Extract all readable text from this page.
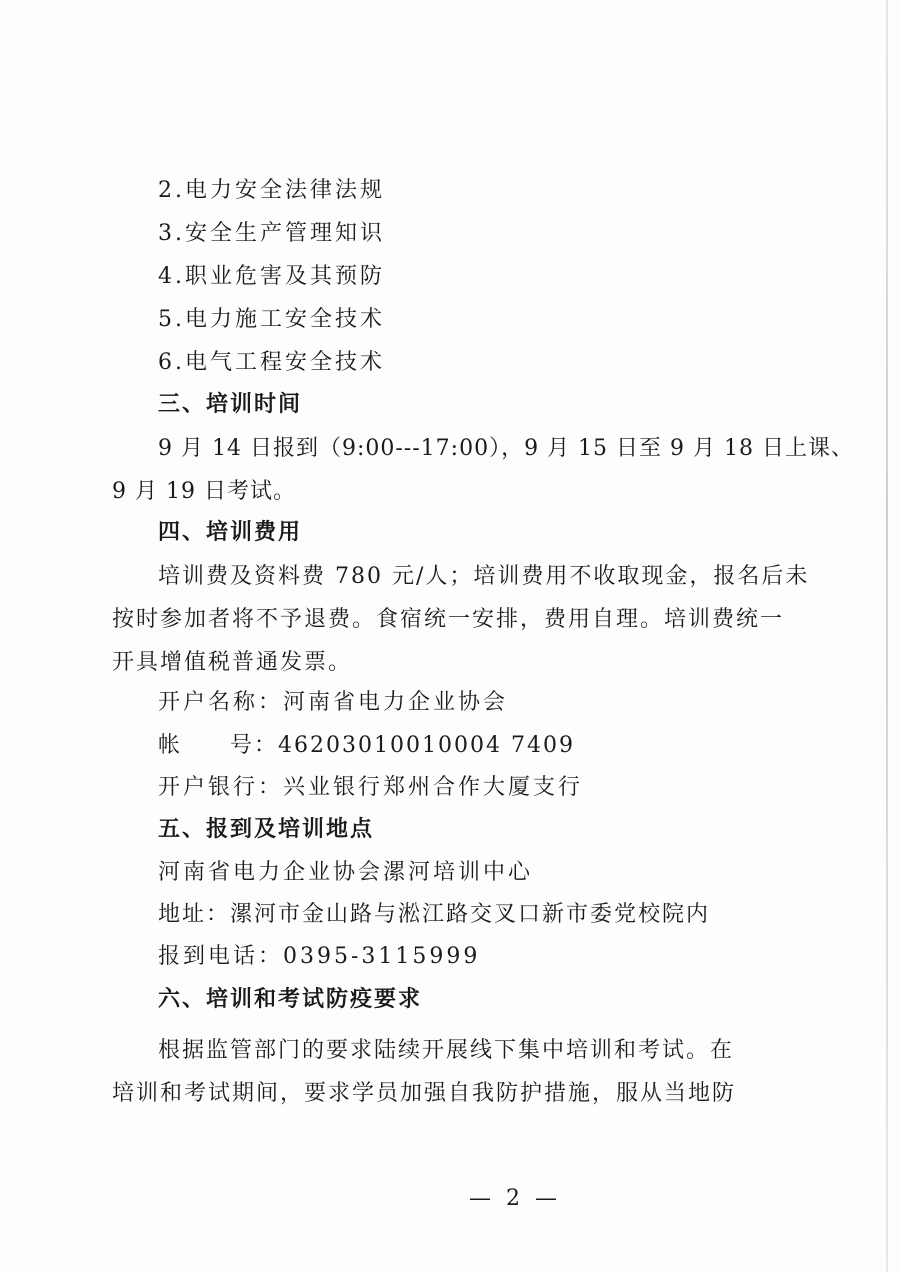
2.电力安全法律法规
3.安全生产管理知识
4.职业危害及其预防
5.电力施工安全技术
6.电气工程安全技术
三、培训时间
9 月 14 日报到（9:00---17:00），9 月 15 日至 9 月 18 日上课、
9 月 19 日考试。
四、培训费用
培训费及资料费 780 元/人；培训费用不收取现金，报名后未
按时参加者将不予退费。食宿统一安排，费用自理。培训费统一
开具增值税普通发票。
开户名称：河南省电力企业协会
帐　　号：46203010010004 7409
开户银行：兴业银行郑州合作大厦支行
五、报到及培训地点
河南省电力企业协会漯河培训中心
地址：漯河市金山路与淞江路交叉口新市委党校院内
报到电话：0395-3115999
六、培训和考试防疫要求
根据监管部门的要求陆续开展线下集中培训和考试。在
培训和考试期间，要求学员加强自我防护措施，服从当地防
— 2 —
